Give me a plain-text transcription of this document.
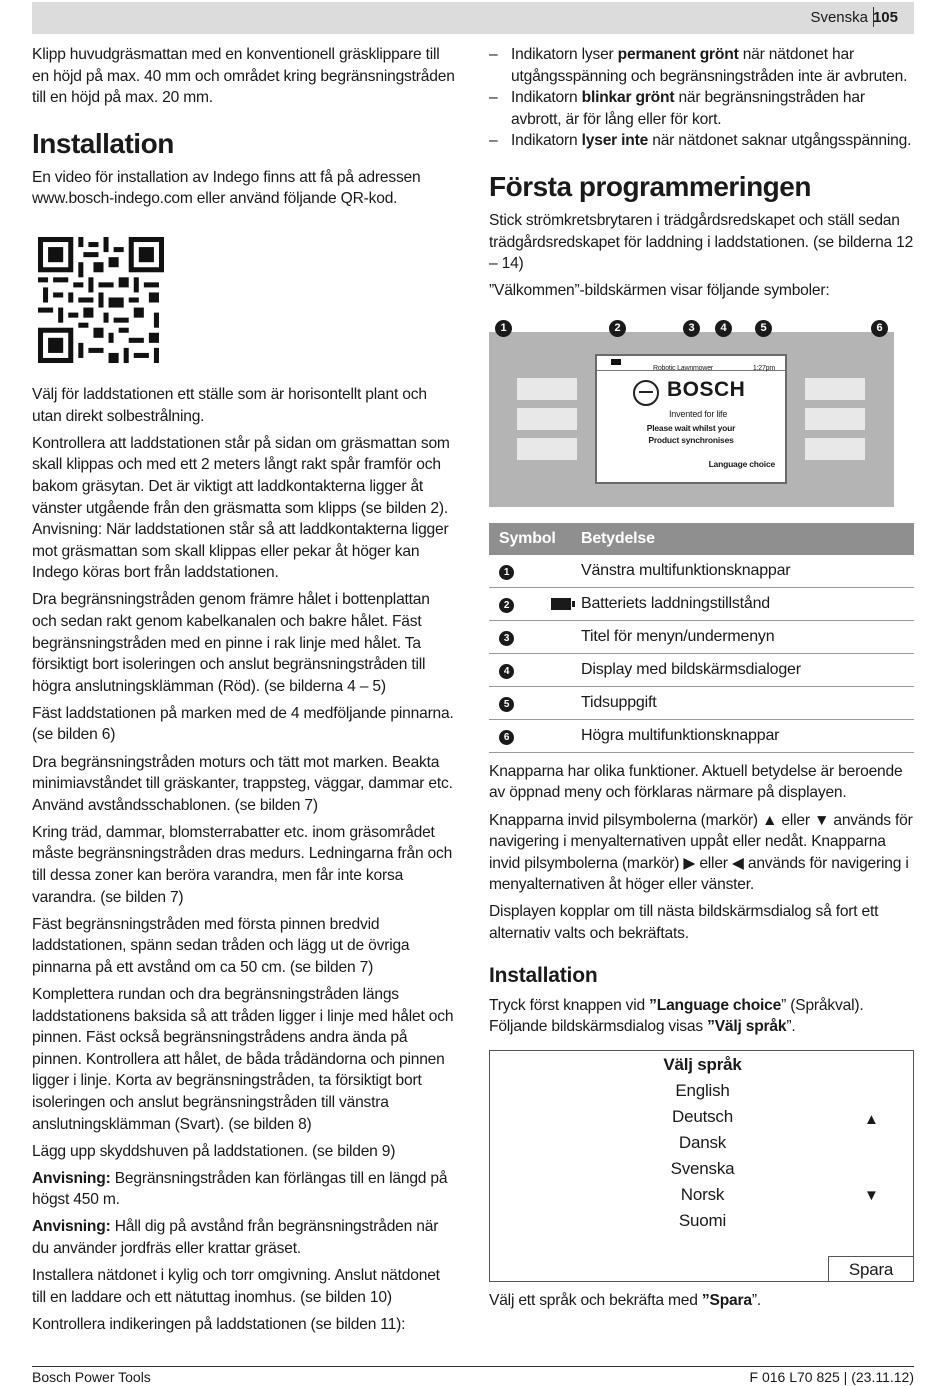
Svenska 105

Klipp huvudgräsmattan med en konventionell gräsklippare till en höjd på max. 40 mm och området kring begränsningstråden till en höjd på max. 20 mm.

Installation

En video för installation av Indego finns att få på adressen www.bosch-indego.com eller använd följande QR-kod.

Välj för laddstationen ett ställe som är horisontellt plant och utan direkt solbestrålning.

Kontrollera att laddstationen står på sidan om gräsmattan som skall klippas och med ett 2 meters långt rakt spår framför och bakom gräsytan. Det är viktigt att laddkontakterna ligger åt vänster utgående från den gräsmatta som klipps (se bilden 2).

Anvisning: När laddstationen står så att laddkontakterna ligger mot gräsmattan som skall klippas eller pekar åt höger kan Indego köras bort från laddstationen.

Dra begränsningstråden genom främre hålet i bottenplattan och sedan rakt genom kabelkanalen och bakre hålet. Fäst begränsningstråden med en pinne i rak linje med hålet. Ta försiktigt bort isoleringen och anslut begränsningstråden till högra anslutningsklämman (Röd). (se bilderna 4 – 5)

Fäst laddstationen på marken med de 4 medföljande pinnarna. (se bilden 6)

Dra begränsningstråden moturs och tätt mot marken. Beakta minimiavståndet till gräskanter, trappsteg, väggar, dammar etc. Använd avståndsschablonen. (se bilden 7)

Kring träd, dammar, blomsterrabatter etc. inom gräsområdet måste begränsningstråden dras medurs. Ledningarna från och till dessa zoner kan beröra varandra, men får inte korsa varandra. (se bilden 7)

Fäst begränsningstråden med första pinnen bredvid laddstationen, spänn sedan tråden och lägg ut de övriga pinnarna på ett avstånd om ca 50 cm. (se bilden 7)

Komplettera rundan och dra begränsningstråden längs laddstationens baksida så att tråden ligger i linje med hålet och pinnen. Fäst också begränsningstrådens andra ända på pinnen. Kontrollera att hålet, de båda trådändorna och pinnen ligger i linje. Korta av begränsningstråden, ta försiktigt bort isoleringen och anslut begränsningstråden till vänstra anslutningsklämman (Svart). (se bilden 8)

Lägg upp skyddshuven på laddstationen. (se bilden 9)

Anvisning: Begränsningstråden kan förlängas till en längd på högst 450 m.

Anvisning: Håll dig på avstånd från begränsningstråden när du använder jordfräs eller krattar gräset.

Installera nätdonet i kylig och torr omgivning. Anslut nätdonet till en laddare och ett nätuttag inomhus. (se bilden 10)

Kontrollera indikeringen på laddstationen (se bilden 11):

– Indikatorn lyser permanent grönt när nätdonet har utgångsspänning och begränsningstråden inte är avbruten.
– Indikatorn blinkar grönt när begränsningstråden har avbrott, är för lång eller för kort.
– Indikatorn lyser inte när nätdonet saknar utgångsspänning.
Första programmeringen

Stick strömkretsbrytaren i trädgårdsredskapet och ställ sedan trädgårdsredskapet för laddning i laddstationen. (se bilderna 12 – 14)

”Välkommen”-bildskärmen visar följande symboler:

1	2	3	4	5	6
Robotic Lawnmower	1:27pm
BOSCH
Invented for life
Please wait whilst your
Product synchronises
Language choice
Symbol		Betydelse
1		Vänstra multifunktionsknappar
2		Batteriets laddningstillstånd
3		Titel för menyn/undermenyn
4		Display med bildskärmsdialoger
5		Tidsuppgift
6		Högra multifunktionsknappar

Knapparna har olika funktioner. Aktuell betydelse är beroende av öppnad meny och förklaras närmare på displayen.

Knapparna invid pilsymbolerna (markör) ▲ eller ▼ används för navigering i menyalternativen uppåt eller nedåt. Knapparna invid pilsymbolerna (markör) ▶ eller ◀ används för navigering i menyalternativen åt höger eller vänster.

Displayen kopplar om till nästa bildskärmsdialog så fort ett alternativ valts och bekräftats.

Installation

Tryck först knappen vid ”Language choice” (Språkval). Följande bildskärmsdialog visas ”Välj språk”.

Välj språk
English
Deutsch
Dansk
Svenska
Norsk
Suomi
▲
▼
Spara

Välj ett språk och bekräfta med ”Spara”.

Bosch Power Tools	F 016 L70 825 | (23.11.12)
